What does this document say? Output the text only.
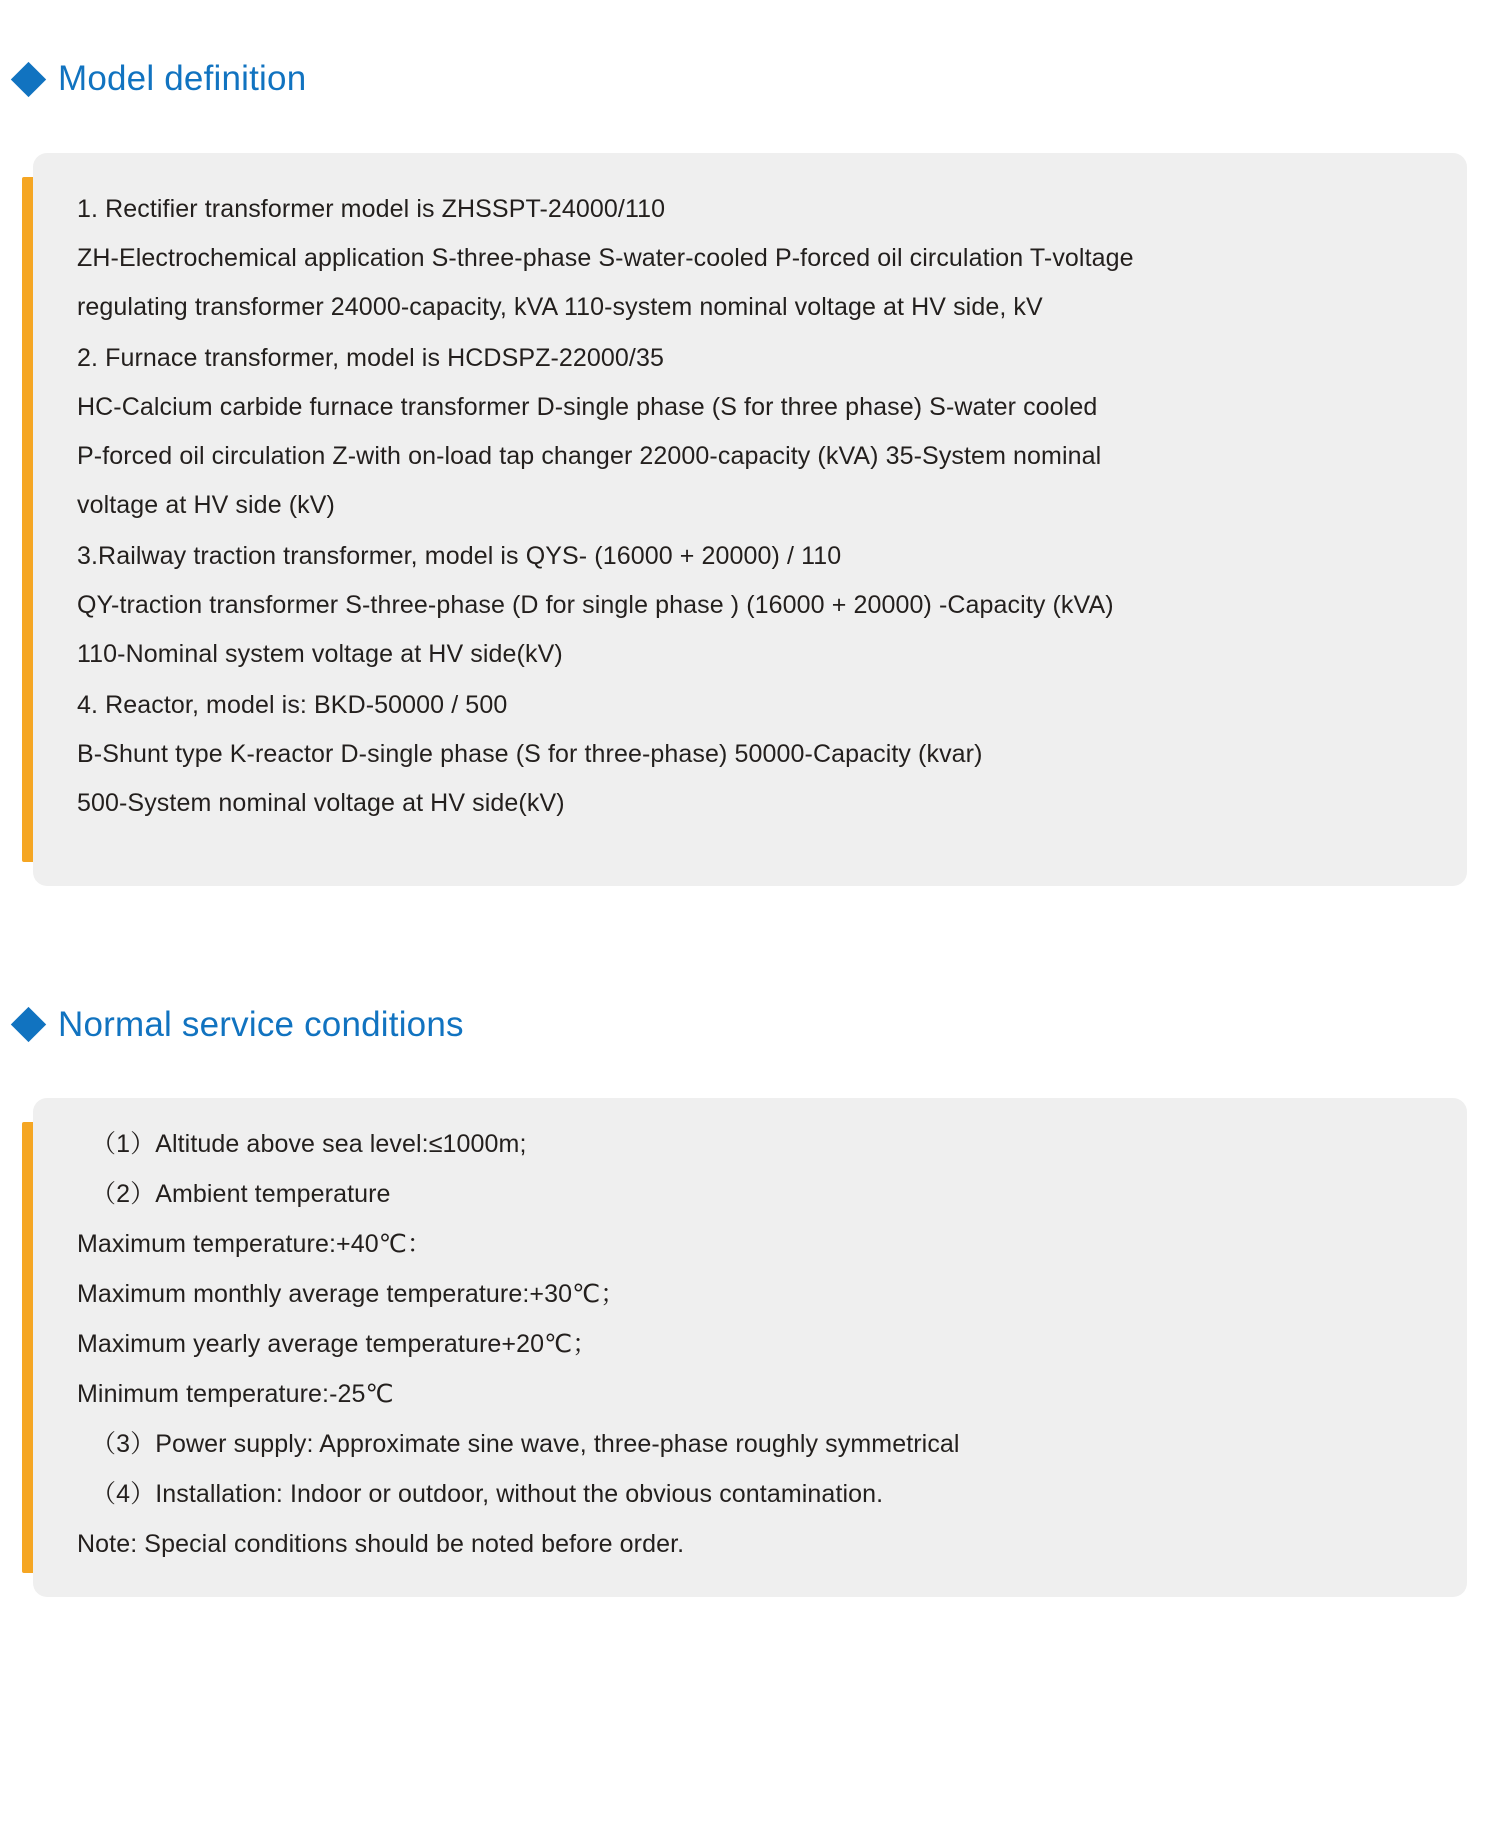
Model definition

1. Rectifier transformer model is ZHSSPT-24000/110

ZH-Electrochemical application S-three-phase S-water-cooled P-forced oil circulation T-voltage

regulating transformer 24000-capacity, kVA 110-system nominal voltage at HV side, kV

2. Furnace transformer, model is HCDSPZ-22000/35

HC-Calcium carbide furnace transformer D-single phase (S for three phase) S-water cooled

P-forced oil circulation Z-with on-load tap changer 22000-capacity (kVA) 35-System nominal

voltage at HV side (kV)

3.Railway traction transformer, model is QYS- (16000 + 20000) / 110

QY-traction transformer S-three-phase (D for single phase ) (16000 + 20000) -Capacity (kVA)

110-Nominal system voltage at HV side(kV)

4. Reactor, model is: BKD-50000 / 500

B-Shunt type K-reactor D-single phase (S for three-phase) 50000-Capacity (kvar)

500-System nominal voltage at HV side(kV)

Normal service conditions

（1）Altitude above sea level:≤1000m;

（2）Ambient temperature

Maximum temperature:+40℃：

Maximum monthly average temperature:+30℃；

Maximum yearly average temperature+20℃；

Minimum temperature:-25℃

（3）Power supply: Approximate sine wave, three-phase roughly symmetrical

（4）Installation: Indoor or outdoor, without the obvious contamination.

Note: Special conditions should be noted before order.
